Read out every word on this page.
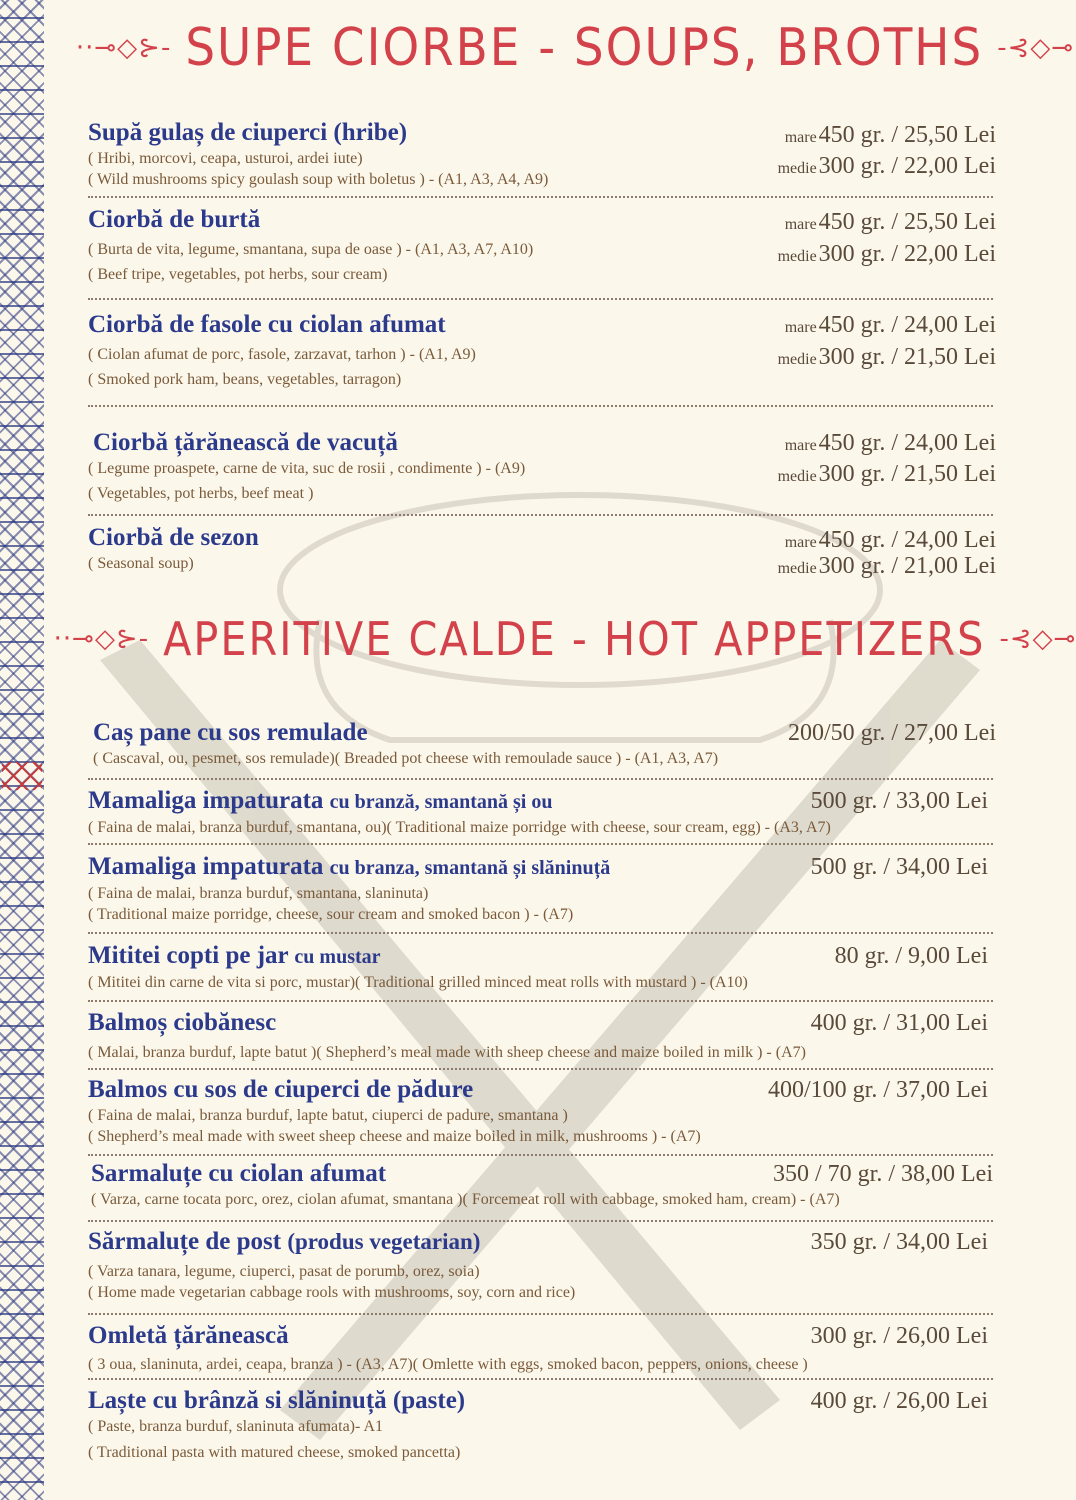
··⊸◇⊱- SUPE CIORBE - SOUPS, BROTHS -⊰◇⊸
Supă gulaș de ciuperci (hribe)
( Hribi, morcovi, ceapa, usturoi, ardei iute)
( Wild mushrooms spicy goulash soup with boletus ) - (A1, A3, A4, A9)
mare450 gr. / 25,50 Lei
medie300 gr. / 22,00 Lei
Ciorbă de burtă
( Burta de vita, legume, smantana, supa de oase ) - (A1, A3, A7, A10)
( Beef tripe, vegetables, pot herbs, sour cream)
mare450 gr. / 25,50 Lei
medie300 gr. / 22,00 Lei
Ciorbă de fasole cu ciolan afumat
( Ciolan afumat de porc, fasole, zarzavat, tarhon ) - (A1, A9)
( Smoked pork ham, beans, vegetables, tarragon)
mare450 gr. / 24,00 Lei
medie300 gr. / 21,50 Lei
Ciorbă țărănească de vacuță
( Legume proaspete, carne de vita, suc de rosii , condimente ) - (A9)
( Vegetables, pot herbs, beef meat )
mare450 gr. / 24,00 Lei
medie300 gr. / 21,50 Lei
Ciorbă de sezon
( Seasonal soup)
mare450 gr. / 24,00 Lei
medie300 gr. / 21,00 Lei
··⊸◇⊱- APERITIVE CALDE - HOT APPETIZERS -⊰◇⊸
Caș pane cu sos remulade
( Cascaval, ou, pesmet, sos remulade)( Breaded pot cheese with remoulade sauce ) - (A1, A3, A7)
200/50 gr. / 27,00 Lei
Mamaliga impaturata cu branză, smantană și ou
( Faina de malai, branza burduf, smantana, ou)( Traditional maize porridge with cheese, sour cream, egg) - (A3, A7)
500 gr. / 33,00 Lei
Mamaliga impaturata cu branza, smantană și slăninuță
( Faina de malai, branza burduf, smantana, slaninuta)
( Traditional maize porridge, cheese, sour cream and smoked bacon ) - (A7)
500 gr. / 34,00 Lei
Mititei copti pe jar cu mustar
( Mititei din carne de vita si porc, mustar)( Traditional grilled minced meat rolls with mustard ) - (A10)
80 gr. / 9,00 Lei
Balmoș ciobănesc
( Malai, branza burduf, lapte batut )( Shepherd’s meal made with sheep cheese and maize boiled in milk ) - (A7)
400 gr. / 31,00 Lei
Balmos cu sos de ciuperci de pădure
( Faina de malai, branza burduf, lapte batut, ciuperci de padure, smantana )
( Shepherd’s meal made with sweet sheep cheese and maize boiled in milk, mushrooms ) - (A7)
400/100 gr. / 37,00 Lei
Sarmaluțe cu ciolan afumat
( Varza, carne tocata porc, orez, ciolan afumat, smantana )( Forcemeat roll with cabbage, smoked ham, cream) - (A7)
350 / 70 gr. / 38,00 Lei
Sărmaluțe de post (produs vegetarian)
( Varza tanara, legume, ciuperci, pasat de porumb, orez, soia)
( Home made vegetarian cabbage rools with mushrooms, soy, corn and rice)
350 gr. / 34,00 Lei
Omletă țărănească
( 3 oua, slaninuta, ardei, ceapa, branza ) - (A3, A7)( Omlette with eggs, smoked bacon, peppers, onions, cheese )
300 gr. / 26,00 Lei
Laște cu brânză si slăninuță (paste)
( Paste, branza burduf, slaninuta afumata)- A1
( Traditional pasta with matured cheese, smoked pancetta)
400 gr. / 26,00 Lei
